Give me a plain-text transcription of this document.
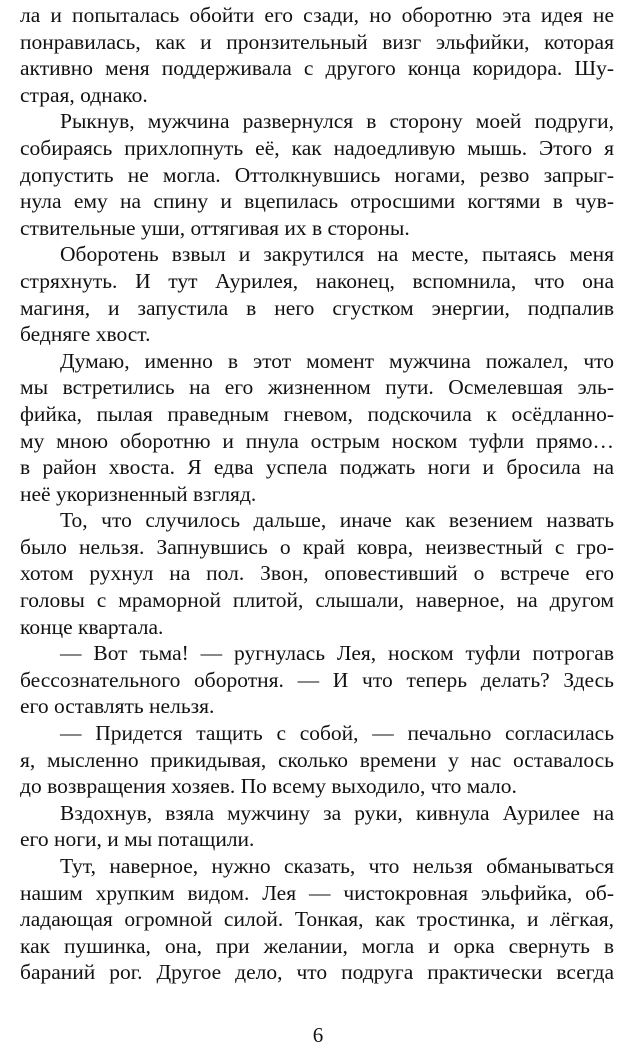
ла и попыталась обойти его сзади, но оборотню эта идея не
понравилась, как и пронзительный визг эльфийки, которая
активно меня поддерживала с другого конца коридора. Шу-
страя, однако.
Рыкнув, мужчина развернулся в сторону моей подруги,
собираясь прихлопнуть её, как надоедливую мышь. Этого я
допустить не могла. Оттолкнувшись ногами, резво запрыг-
нула ему на спину и вцепилась отросшими когтями в чув-
ствительные уши, оттягивая их в стороны.
Оборотень взвыл и закрутился на месте, пытаясь меня
стряхнуть. И тут Аурилея, наконец, вспомнила, что она
магиня, и запустила в него сгустком энергии, подпалив
бедняге хвост.
Думаю, именно в этот момент мужчина пожалел, что
мы встретились на его жизненном пути. Осмелевшая эль-
фийка, пылая праведным гневом, подскочила к осёдланно-
му мною оборотню и пнула острым носком туфли прямо…
в район хвоста. Я едва успела поджать ноги и бросила на
неё укоризненный взгляд.
То, что случилось дальше, иначе как везением назвать
было нельзя. Запнувшись о край ковра, неизвестный с гро-
хотом рухнул на пол. Звон, оповестивший о встрече его
головы с мраморной плитой, слышали, наверное, на другом
конце квартала.
— Вот тьма! — ругнулась Лея, носком туфли потрогав
бессознательного оборотня. — И что теперь делать? Здесь
его оставлять нельзя.
— Придется тащить с собой, — печально согласилась
я, мысленно прикидывая, сколько времени у нас оставалось
до возвращения хозяев. По всему выходило, что мало.
Вздохнув, взяла мужчину за руки, кивнула Аурилее на
его ноги, и мы потащили.
Тут, наверное, нужно сказать, что нельзя обманываться
нашим хрупким видом. Лея — чистокровная эльфийка, об-
ладающая огромной силой. Тонкая, как тростинка, и лёгкая,
как пушинка, она, при желании, могла и орка свернуть в
бараний рог. Другое дело, что подруга практически всегда
6
